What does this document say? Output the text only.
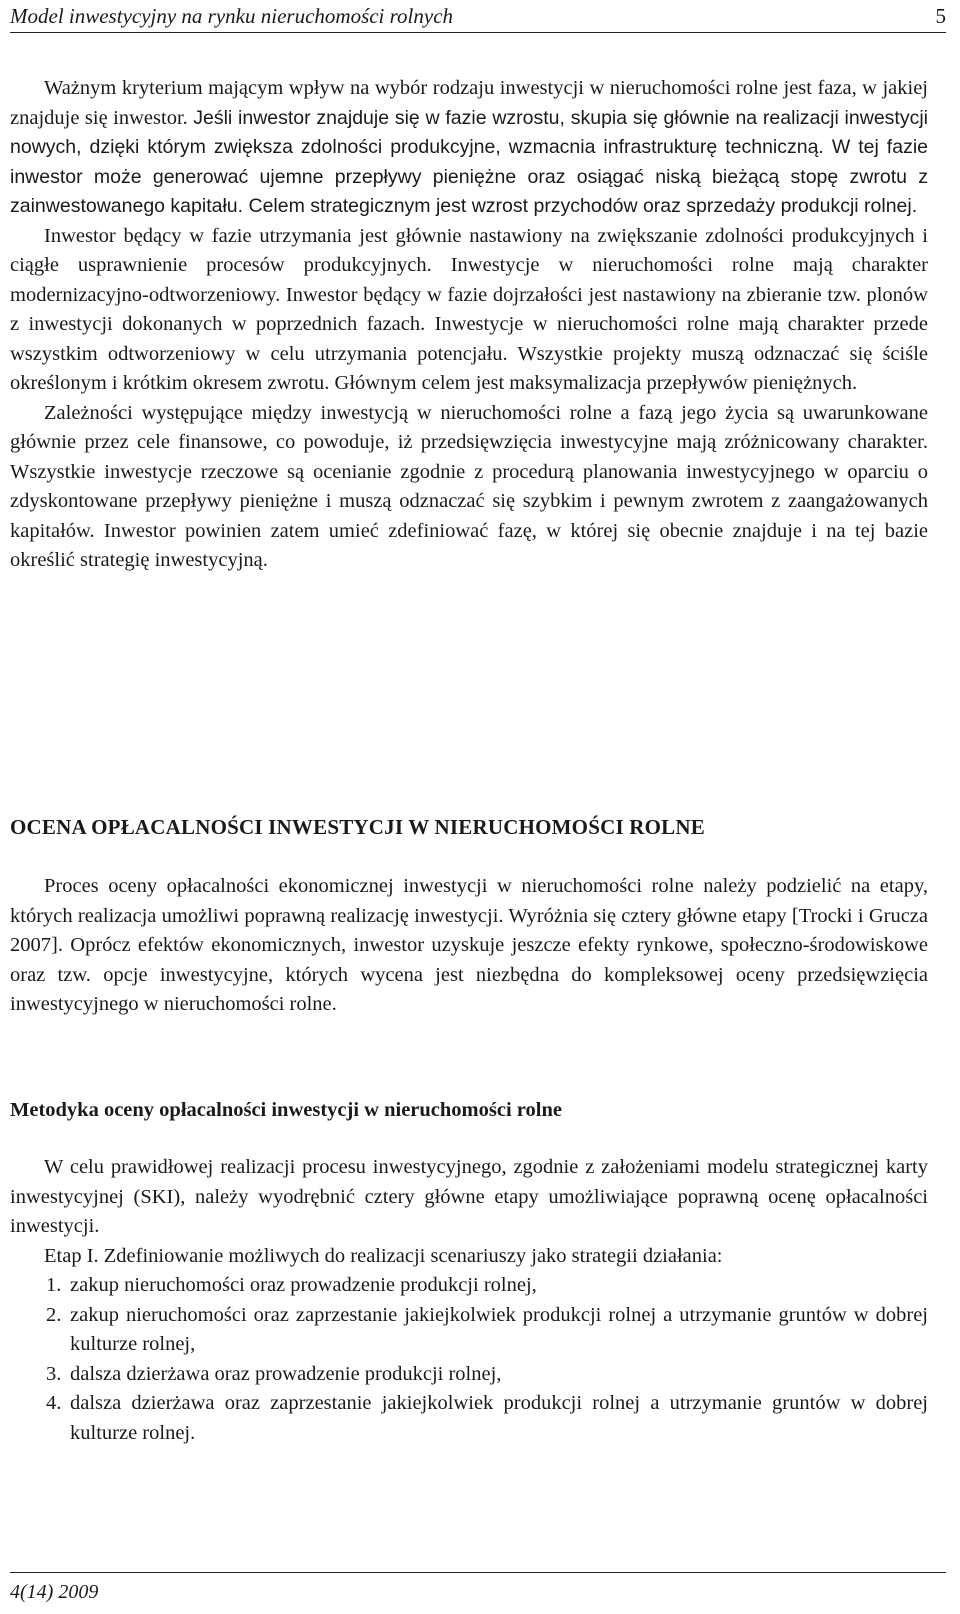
Model inwestycyjny na rynku nieruchomości rolnych	5

Ważnym kryterium mającym wpływ na wybór rodzaju inwestycji w nieruchomości rolne jest faza, w jakiej znajduje się inwestor. Jeśli inwestor znajduje się w fazie wzrostu, skupia się głównie na realizacji inwestycji nowych, dzięki którym zwiększa zdolności produkcyjne, wzmacnia infrastrukturę techniczną. W tej fazie inwestor może generować ujemne przepływy pieniężne oraz osiągać niską bieżącą stopę zwrotu z zainwestowanego kapitału. Celem strategicznym jest wzrost przychodów oraz sprzedaży produkcji rolnej.

Inwestor będący w fazie utrzymania jest głównie nastawiony na zwiększanie zdolności produkcyjnych i ciągłe usprawnienie procesów produkcyjnych. Inwestycje w nieruchomości rolne mają charakter modernizacyjno-odtworzeniowy. Inwestor będący w fazie dojrzałości jest nastawiony na zbieranie tzw. plonów z inwestycji dokonanych w poprzednich fazach. Inwestycje w nieruchomości rolne mają charakter przede wszystkim odtworzeniowy w celu utrzymania potencjału. Wszystkie projekty muszą odznaczać się ściśle określonym i krótkim okresem zwrotu. Głównym celem jest maksymalizacja przepływów pieniężnych.

Zależności występujące między inwestycją w nieruchomości rolne a fazą jego życia są uwarunkowane głównie przez cele finansowe, co powoduje, iż przedsięwzięcia inwestycyjne mają zróżnicowany charakter. Wszystkie inwestycje rzeczowe są ocenianie zgodnie z procedurą planowania inwestycyjnego w oparciu o zdyskontowane przepływy pieniężne i muszą odznaczać się szybkim i pewnym zwrotem z zaangażowanych kapitałów. Inwestor powinien zatem umieć zdefiniować fazę, w której się obecnie znajduje i na tej bazie określić strategię inwestycyjną.

OCENA OPŁACALNOŚCI INWESTYCJI W NIERUCHOMOŚCI ROLNE

Proces oceny opłacalności ekonomicznej inwestycji w nieruchomości rolne należy podzielić na etapy, których realizacja umożliwi poprawną realizację inwestycji. Wyróżnia się cztery główne etapy [Trocki i Grucza 2007]. Oprócz efektów ekonomicznych, inwestor uzyskuje jeszcze efekty rynkowe, społeczno-środowiskowe oraz tzw. opcje inwestycyjne, których wycena jest niezbędna do kompleksowej oceny przedsięwzięcia inwestycyjnego w nieruchomości rolne.

Metodyka oceny opłacalności inwestycji w nieruchomości rolne

W celu prawidłowej realizacji procesu inwestycyjnego, zgodnie z założeniami modelu strategicznej karty inwestycyjnej (SKI), należy wyodrębnić cztery główne etapy umożliwiające poprawną ocenę opłacalności inwestycji.

Etap I. Zdefiniowanie możliwych do realizacji scenariuszy jako strategii działania:

1. zakup nieruchomości oraz prowadzenie produkcji rolnej,
2. zakup nieruchomości oraz zaprzestanie jakiejkolwiek produkcji rolnej a utrzymanie gruntów w dobrej kulturze rolnej,
3. dalsza dzierżawa oraz prowadzenie produkcji rolnej,
4. dalsza dzierżawa oraz zaprzestanie jakiejkolwiek produkcji rolnej a utrzymanie gruntów w dobrej kulturze rolnej.
4(14) 2009
